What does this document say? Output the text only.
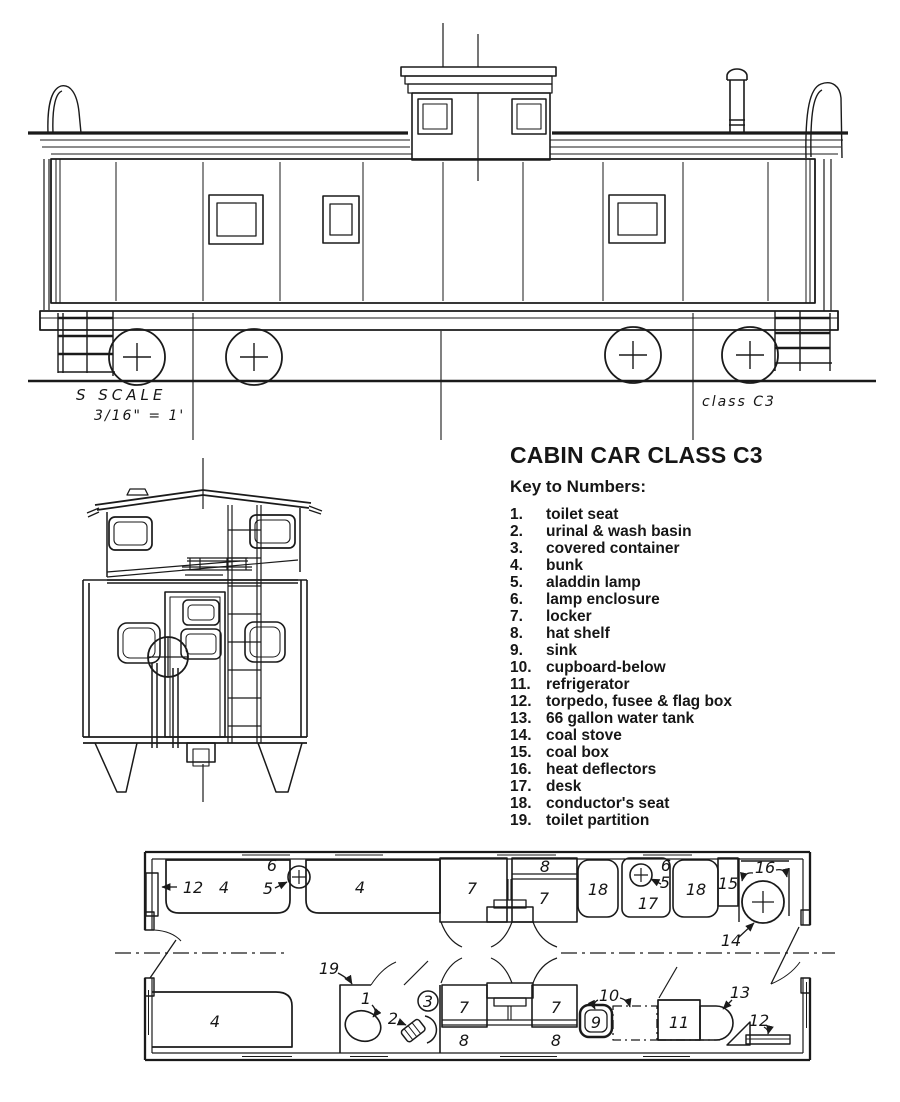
S SCALE
3/16" = 1'
class C3
CABIN CAR CLASS C3
Key to Numbers:
1.	toilet seat
2.	urinal & wash basin
3.	covered container
4.	bunk
5.	aladdin lamp
6.	lamp enclosure
7.	locker
8.	hat shelf
9.	sink
10. cupboard-below
11. refrigerator
12. torpedo, fusee & flag box
13. 66 gallon water tank
14. coal stove
15. coal box
16. heat deflectors
17. desk
18. conductor's seat
19. toilet partition
12 4
6
5	4	7
8
7 18
6
5
17
18 15
16
14
4
19
1
2
3 7
8
7
8
9
10
11
13
12
